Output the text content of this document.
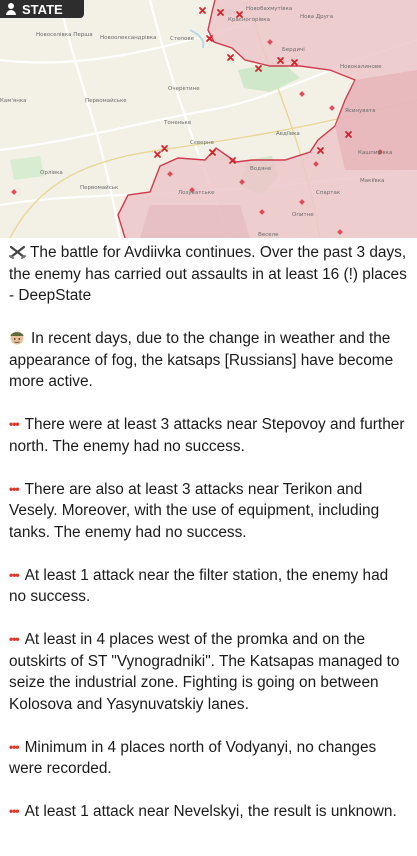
STATE
Красногорівка	Нова Друга
Новобахмутівка
Новоселівка Перша Новоолександрівка Степове
Бердичі
Очеретине
Первомайське
Авдіївка
Ясинувата
Кашпирівка
Тоненьке
Сєверне
Водяне
Опитне
Макіївка
Первомайськ
Спартак
Орлівка
Веселе
Лозуватське
Новокалинове
Кам'янка

The battle for Avdiivka continues. Over the past 3 days, the enemy has carried out assaults in at least 16 (!) places - DeepState

In recent days, due to the change in weather and the appearance of fog, the katsaps [Russians] have become more active.

••• There were at least 3 attacks near Stepovoy and further north. The enemy had no success.

••• There are also at least 3 attacks near Terikon and Vesely. Moreover, with the use of equipment, including tanks. The enemy had no success.

••• At least 1 attack near the filter station, the enemy had no success.

••• At least in 4 places west of the promka and on the outskirts of ST "Vynogradniki". The Katsapas managed to seize the industrial zone. Fighting is going on between Kolosova and Yasynuvatskiy lanes.

••• Minimum in 4 places north of Vodyanyi, no changes were recorded.

••• At least 1 attack near Nevelskyi, the result is unknown.
